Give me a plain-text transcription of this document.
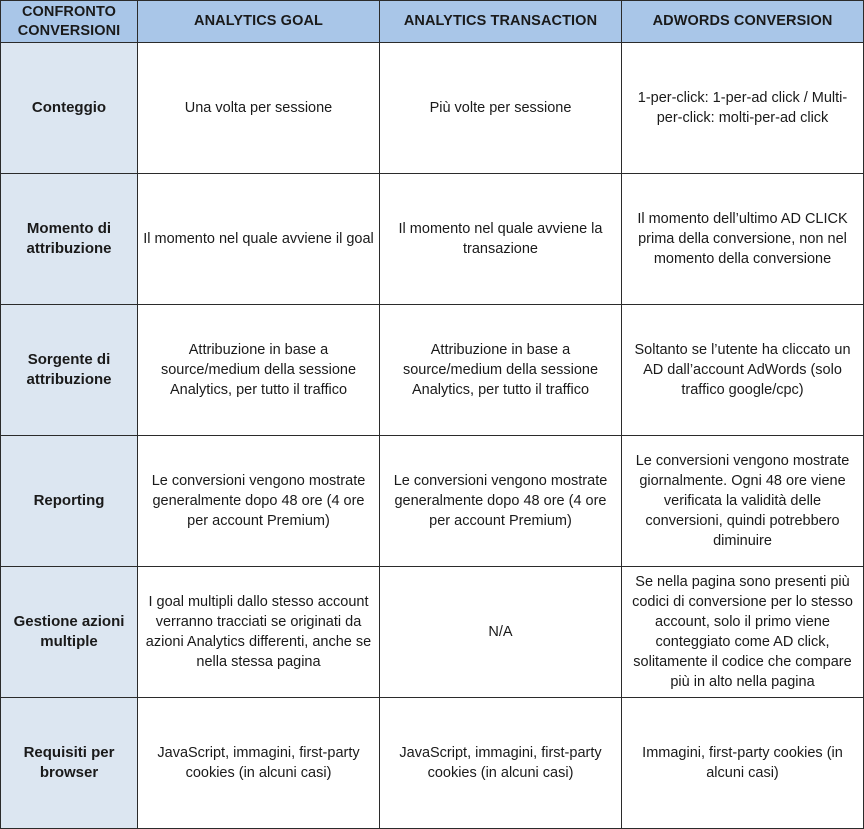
CONFRONTO CONVERSIONI	ANALYTICS GOAL	ANALYTICS TRANSACTION	ADWORDS CONVERSION
Conteggio	Una volta per sessione	Più volte per sessione	1-per-click: 1-per-ad click / Multi-per-click: molti-per-ad click
Momento di attribuzione	Il momento nel quale avviene il goal	Il momento nel quale avviene la transazione	Il momento dell’ultimo AD CLICK prima della conversione, non nel momento della conversione
Sorgente di attribuzione	Attribuzione in base a source/medium della sessione Analytics, per tutto il traffico	Attribuzione in base a source/medium della sessione Analytics, per tutto il traffico	Soltanto se l’utente ha cliccato un AD dall’account AdWords (solo traffico google/cpc)
Reporting	Le conversioni vengono mostrate generalmente dopo 48 ore (4 ore per account Premium)	Le conversioni vengono mostrate generalmente dopo 48 ore (4 ore per account Premium)	Le conversioni vengono mostrate giornalmente. Ogni 48 ore viene verificata la validità delle conversioni, quindi potrebbero diminuire
Gestione azioni multiple	I goal multipli dallo stesso account verranno tracciati se originati da azioni Analytics differenti, anche se nella stessa pagina	N/A	Se nella pagina sono presenti più codici di conversione per lo stesso account, solo il primo viene conteggiato come AD click, solitamente il codice che compare più in alto nella pagina
Requisiti per browser	JavaScript, immagini, first-party cookies (in alcuni casi)	JavaScript, immagini, first-party cookies (in alcuni casi)	Immagini, first-party cookies (in alcuni casi)
